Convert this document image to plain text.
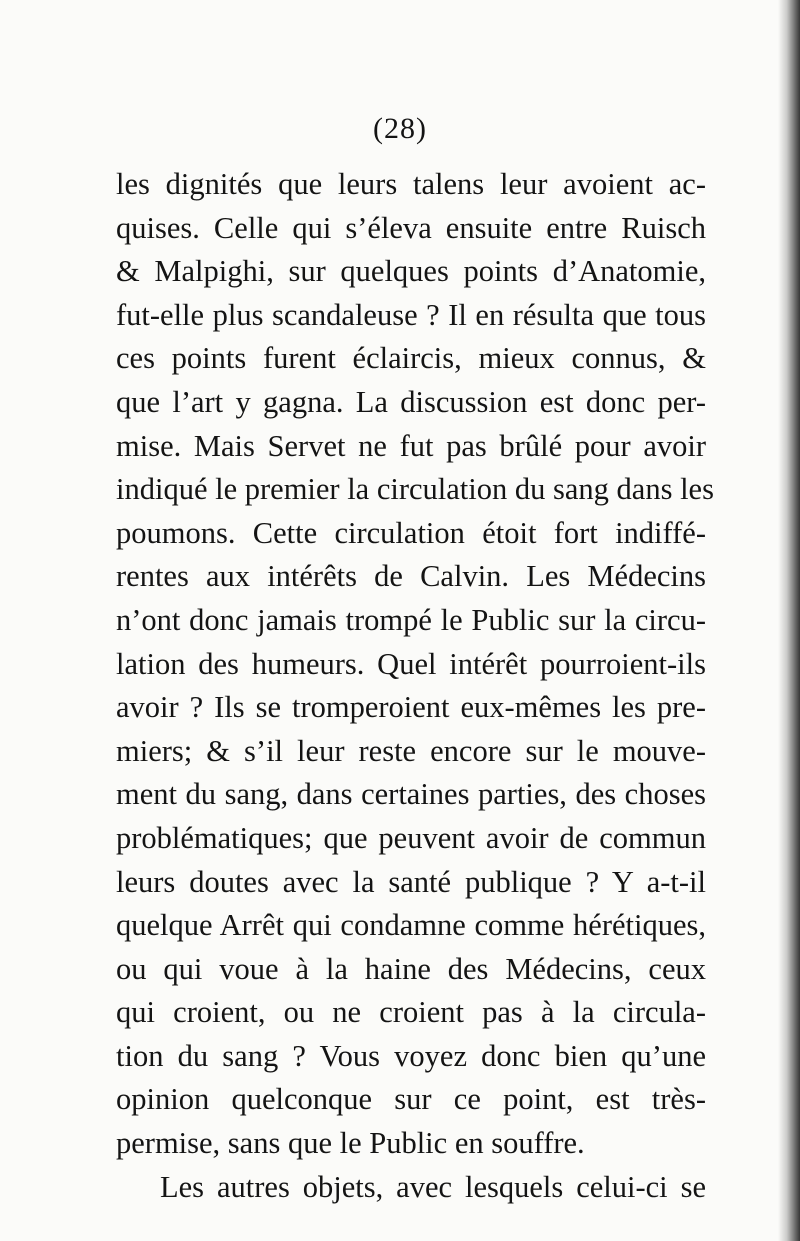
(28)
les dignités que leurs talens leur avoient ac-
quises. Celle qui s’éleva ensuite entre Ruisch
& Malpighi, sur quelques points d’Anatomie,
fut-elle plus scandaleuse ? Il en résulta que tous
ces points furent éclaircis, mieux connus, &
que l’art y gagna. La discussion est donc per-
mise. Mais Servet ne fut pas brûlé pour avoir
indiqué le premier la circulation du sang dans les
poumons. Cette circulation étoit fort indiffé-
rentes aux intérêts de Calvin. Les Médecins
n’ont donc jamais trompé le Public sur la circu-
lation des humeurs. Quel intérêt pourroient-ils
avoir ? Ils se tromperoient eux-mêmes les pre-
miers; & s’il leur reste encore sur le mouve-
ment du sang, dans certaines parties, des choses
problématiques; que peuvent avoir de commun
leurs doutes avec la santé publique ? Y a-t-il
quelque Arrêt qui condamne comme hérétiques,
ou qui voue à la haine des Médecins, ceux
qui croient, ou ne croient pas à la circula-
tion du sang ? Vous voyez donc bien qu’une
opinion quelconque sur ce point, est très-
permise, sans que le Public en souffre.
Les autres objets, avec lesquels celui-ci se
